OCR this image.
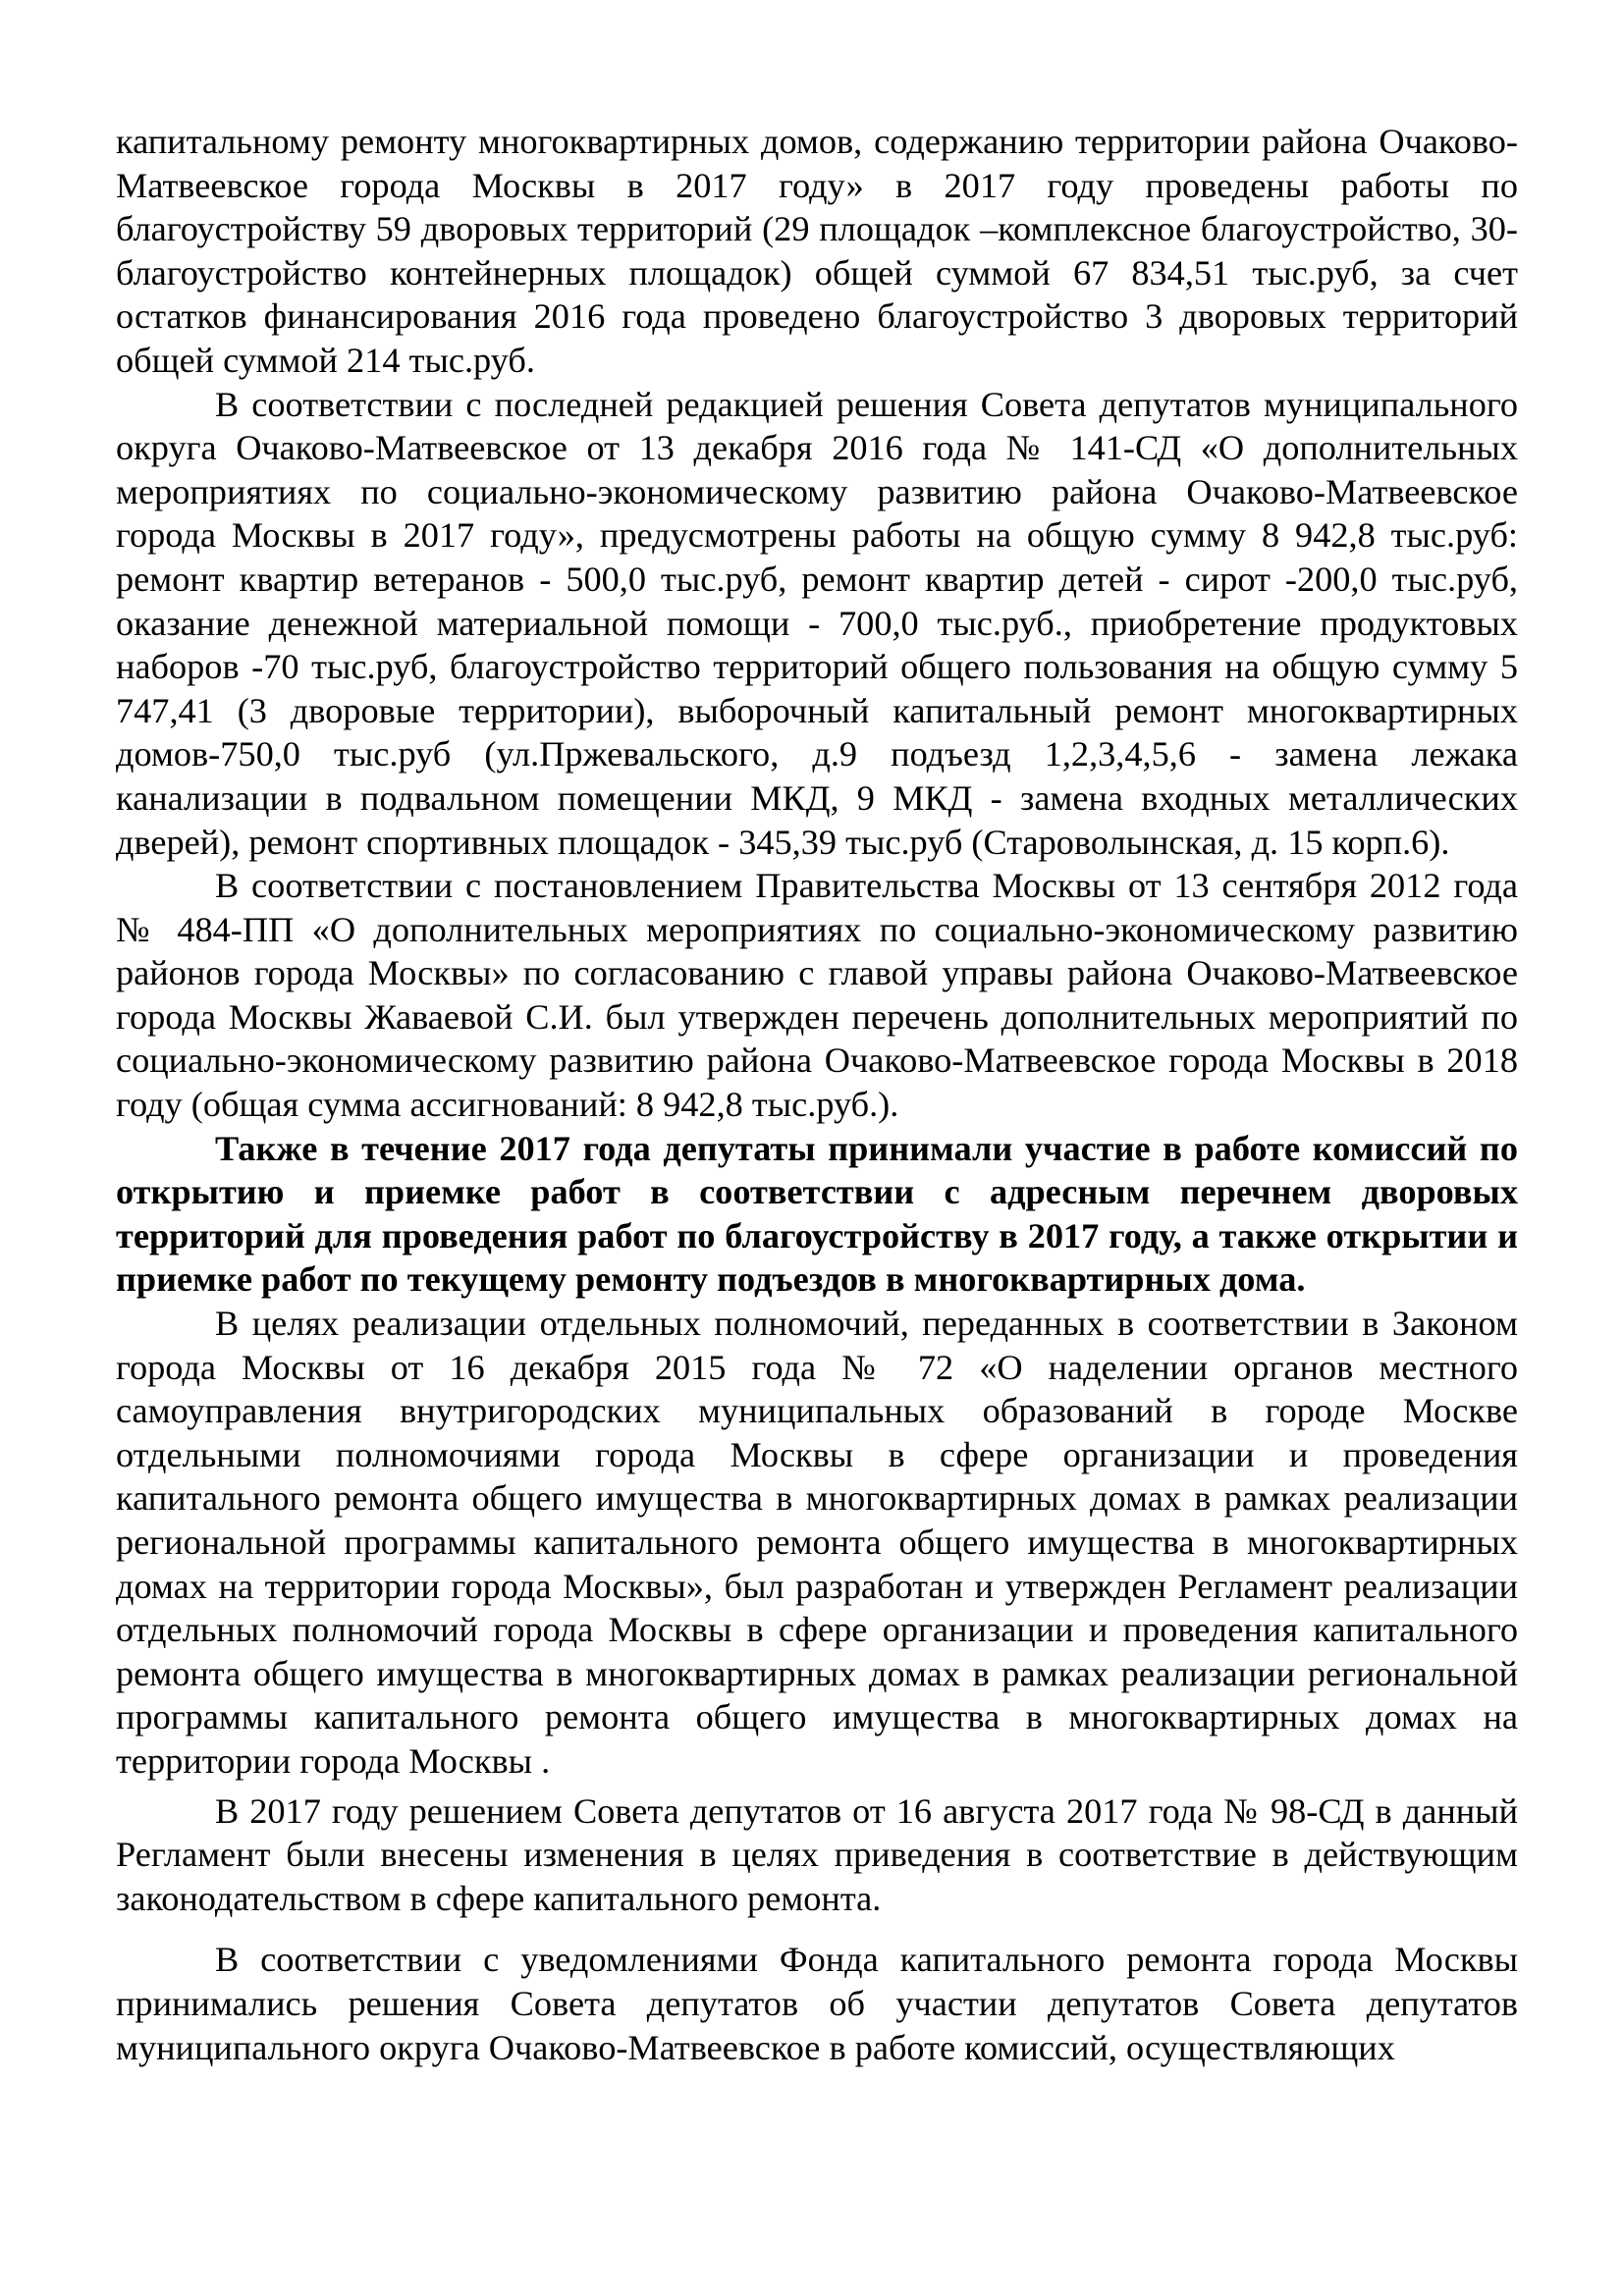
капитальному ремонту многоквартирных домов, содержанию территории района Очаково-Матвеевское города Москвы в 2017 году» в 2017 году проведены работы по благоустройству 59 дворовых территорий (29 площадок –комплексное благоустройство, 30- благоустройство контейнерных площадок) общей суммой 67 834,51 тыс.руб, за счет остатков финансирования 2016 года проведено благоустройство 3 дворовых территорий общей суммой 214 тыс.руб.

В соответствии с последней редакцией решения Совета депутатов муниципального округа Очаково-Матвеевское от 13 декабря 2016 года № 141-СД «О дополнительных мероприятиях по социально-экономическому развитию района Очаково-Матвеевское города Москвы в 2017 году», предусмотрены работы на общую сумму 8 942,8 тыс.руб: ремонт квартир ветеранов - 500,0 тыс.руб, ремонт квартир детей - сирот -200,0 тыс.руб, оказание денежной материальной помощи - 700,0 тыс.руб., приобретение продуктовых наборов -70 тыс.руб, благоустройство территорий общего пользования на общую сумму 5 747,41 (3 дворовые территории), выборочный капитальный ремонт многоквартирных домов-750,0 тыс.руб (ул.Пржевальского, д.9 подъезд 1,2,3,4,5,6 - замена лежака канализации в подвальном помещении МКД, 9 МКД - замена входных металлических дверей), ремонт спортивных площадок - 345,39 тыс.руб (Староволынская, д. 15 корп.6).

В соответствии с постановлением Правительства Москвы от 13 сентября 2012 года № 484-ПП «О дополнительных мероприятиях по социально-экономическому развитию районов города Москвы» по согласованию с главой управы района Очаково-Матвеевское города Москвы Жаваевой С.И. был утвержден перечень дополнительных мероприятий по социально-экономическому развитию района Очаково-Матвеевское города Москвы в 2018 году (общая сумма ассигнований: 8 942,8 тыс.руб.).

Также в течение 2017 года депутаты принимали участие в работе комиссий по открытию и приемке работ в соответствии с адресным перечнем дворовых территорий для проведения работ по благоустройству в 2017 году, а также открытии и приемке работ по текущему ремонту подъездов в многоквартирных дома.

В целях реализации отдельных полномочий, переданных в соответствии в Законом города Москвы от 16 декабря 2015 года № 72 «О наделении органов местного самоуправления внутригородских муниципальных образований в городе Москве отдельными полномочиями города Москвы в сфере организации и проведения капитального ремонта общего имущества в многоквартирных домах в рамках реализации региональной программы капитального ремонта общего имущества в многоквартирных домах на территории города Москвы», был разработан и утвержден Регламент реализации отдельных полномочий города Москвы в сфере организации и проведения капитального ремонта общего имущества в многоквартирных домах в рамках реализации региональной программы капитального ремонта общего имущества в многоквартирных домах на территории города Москвы .

В 2017 году решением Совета депутатов от 16 августа 2017 года № 98-СД в данный Регламент были внесены изменения в целях приведения в соответствие в действующим законодательством в сфере капитального ремонта.

В соответствии с уведомлениями Фонда капитального ремонта города Москвы принимались решения Совета депутатов об участии депутатов Совета депутатов муниципального округа Очаково-Матвеевское в работе комиссий, осуществляющих
